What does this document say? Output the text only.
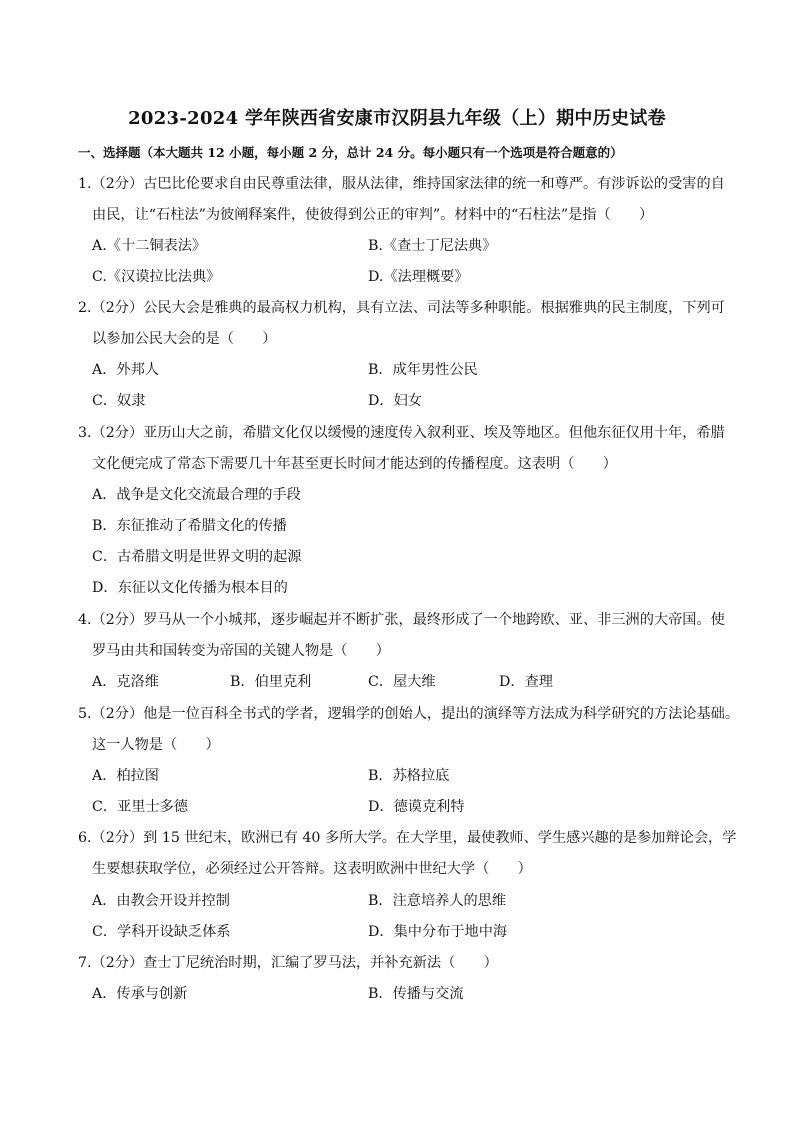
2023-2024 学年陕西省安康市汉阴县九年级（上）期中历史试卷
一、选择题（本大题共 12 小题，每小题 2 分，总计 24 分。每小题只有一个选项是符合题意的）
1.（2分）古巴比伦要求自由民尊重法律，服从法律，维持国家法律的统一和尊严。有涉诉讼的受害的自
由民，让“石柱法”为彼阐释案件，使彼得到公正的审判”。材料中的“石柱法”是指（　　）
A.《十二铜表法》	B.《查士丁尼法典》
C.《汉谟拉比法典》	D.《法理概要》
2.（2分）公民大会是雅典的最高权力机构，具有立法、司法等多种职能。根据雅典的民主制度，下列可
以参加公民大会的是（　　）
A．外邦人	B．成年男性公民
C．奴隶	D．妇女
3.（2分）亚历山大之前，希腊文化仅以缓慢的速度传入叙利亚、埃及等地区。但他东征仅用十年，希腊
文化便完成了常态下需要几十年甚至更长时间才能达到的传播程度。这表明（　　）
A．战争是文化交流最合理的手段
B．东征推动了希腊文化的传播
C．古希腊文明是世界文明的起源
D．东征以文化传播为根本目的
4.（2分）罗马从一个小城邦，逐步崛起并不断扩张，最终形成了一个地跨欧、亚、非三洲的大帝国。使
罗马由共和国转变为帝国的关键人物是（　　）
A．克洛维	B．伯里克利	C．屋大维	D．查理
5.（2分）他是一位百科全书式的学者，逻辑学的创始人，提出的演绎等方法成为科学研究的方法论基础。
这一人物是（　　）
A．柏拉图	B．苏格拉底
C．亚里士多德	D．德谟克利特
6.（2分）到 15 世纪末，欧洲已有 40 多所大学。在大学里，最使教师、学生感兴趣的是参加辩论会，学
生要想获取学位，必须经过公开答辩。这表明欧洲中世纪大学（　　）
A．由教会开设并控制	B．注意培养人的思维
C．学科开设缺乏体系	D．集中分布于地中海
7.（2分）查士丁尼统治时期，汇编了罗马法，并补充新法（　　）
A．传承与创新	B．传播与交流
